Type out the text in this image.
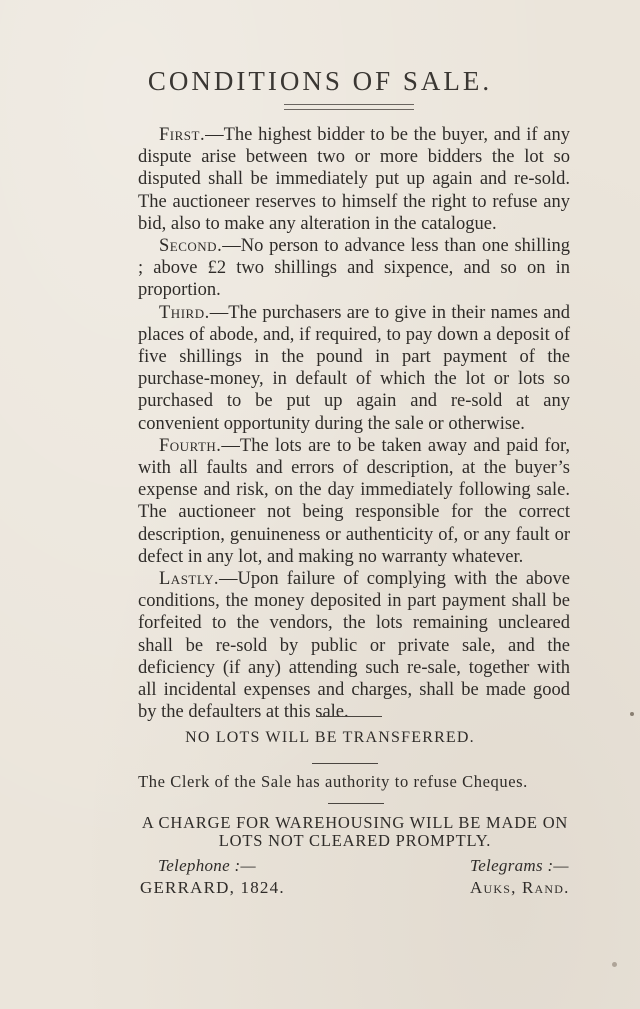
CONDITIONS OF SALE.

First.—The highest bidder to be the buyer, and if any dispute arise between two or more bidders the lot so disputed shall be immediately put up again and re-sold. The auctioneer reserves to himself the right to refuse any bid, also to make any alteration in the catalogue.

Second.—No person to advance less than one shilling ; above £2 two shillings and sixpence, and so on in proportion.

Third.—The purchasers are to give in their names and places of abode, and, if required, to pay down a deposit of five shillings in the pound in part payment of the purchase-money, in default of which the lot or lots so purchased to be put up again and re-sold at any convenient opportunity during the sale or otherwise.

Fourth.—The lots are to be taken away and paid for, with all faults and errors of description, at the buyer’s expense and risk, on the day immediately following sale. The auctioneer not being responsible for the correct description, genuineness or authenticity of, or any fault or defect in any lot, and making no warranty whatever.

Lastly.—Upon failure of complying with the above conditions, the money deposited in part payment shall be forfeited to the vendors, the lots remaining uncleared shall be re-sold by public or private sale, and the deficiency (if any) attending such re-sale, together with all incidental expenses and charges, shall be made good by the defaulters at this sale.

NO LOTS WILL BE TRANSFERRED.

The Clerk of the Sale has authority to refuse Cheques.

A CHARGE FOR WAREHOUSING WILL BE MADE ON LOTS NOT CLEARED PROMPTLY.

Telephone :—
GERRARD, 1824.
Telegrams :—
Auks, Rand.
